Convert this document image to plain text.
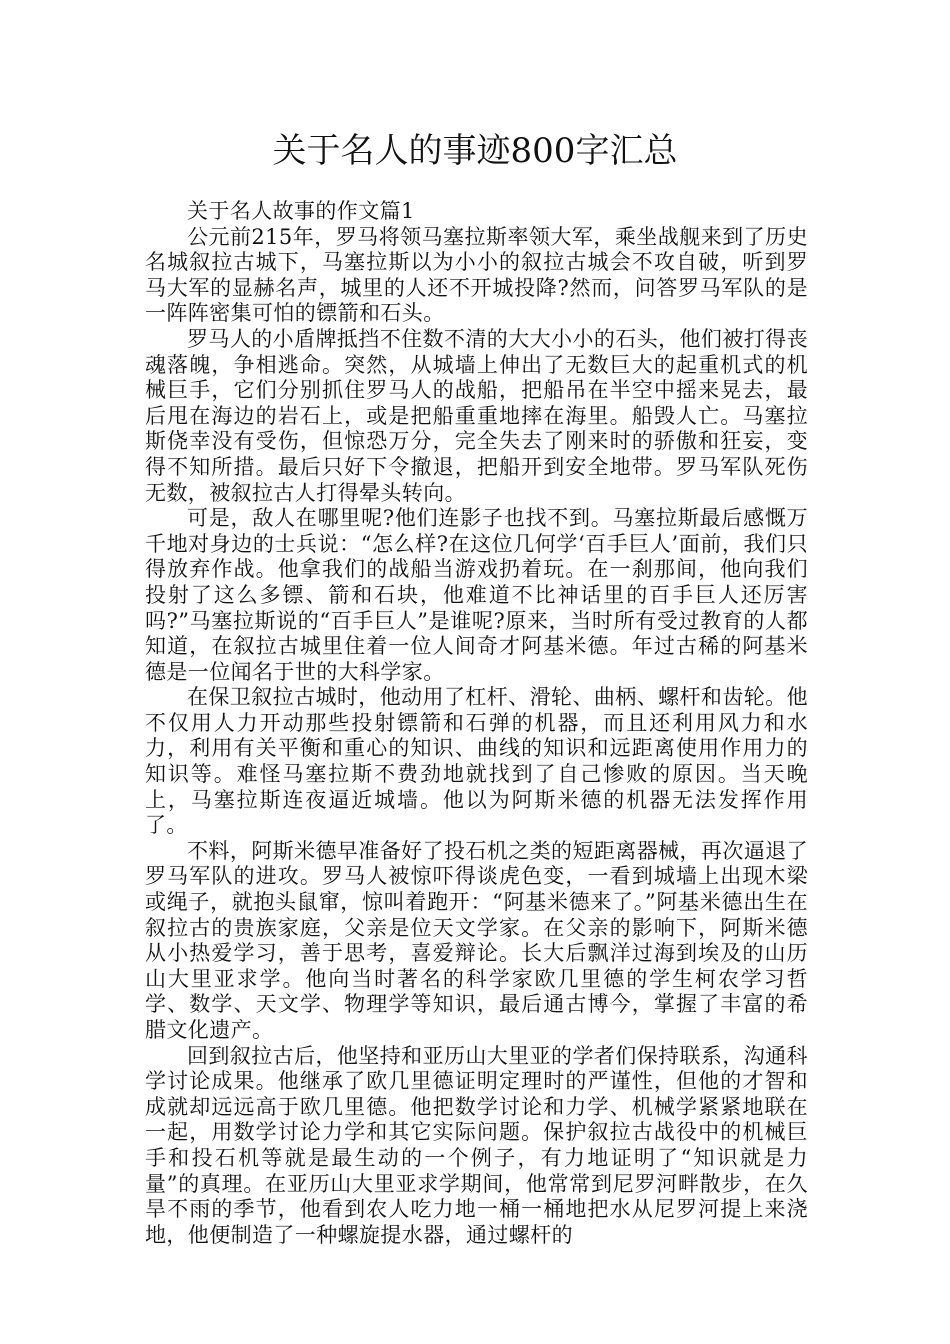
关于名人的事迹800字汇总

关于名人故事的作文篇1

公元前215年，罗马将领马塞拉斯率领大军，乘坐战舰来到了历史名城叙拉古城下，马塞拉斯以为小小的叙拉古城会不攻自破，听到罗马大军的显赫名声，城里的人还不开城投降?然而，问答罗马军队的是一阵阵密集可怕的镖箭和石头。

罗马人的小盾牌抵挡不住数不清的大大小小的石头，他们被打得丧魂落魄，争相逃命。突然，从城墙上伸出了无数巨大的起重机式的机械巨手，它们分别抓住罗马人的战船，把船吊在半空中摇来晃去，最后甩在海边的岩石上，或是把船重重地摔在海里。船毁人亡。马塞拉斯侥幸没有受伤，但惊恐万分，完全失去了刚来时的骄傲和狂妄，变得不知所措。最后只好下令撤退，把船开到安全地带。罗马军队死伤无数，被叙拉古人打得晕头转向。

可是，敌人在哪里呢?他们连影子也找不到。马塞拉斯最后感慨万千地对身边的士兵说：“怎么样?在这位几何学‘百手巨人’面前，我们只得放弃作战。他拿我们的战船当游戏扔着玩。在一刹那间，他向我们投射了这么多镖、箭和石块，他难道不比神话里的百手巨人还厉害吗?”马塞拉斯说的“百手巨人”是谁呢?原来，当时所有受过教育的人都知道，在叙拉古城里住着一位人间奇才阿基米德。年过古稀的阿基米德是一位闻名于世的大科学家。

在保卫叙拉古城时，他动用了杠杆、滑轮、曲柄、螺杆和齿轮。他不仅用人力开动那些投射镖箭和石弹的机器，而且还利用风力和水力，利用有关平衡和重心的知识、曲线的知识和远距离使用作用力的知识等。难怪马塞拉斯不费劲地就找到了自己惨败的原因。当天晚上，马塞拉斯连夜逼近城墙。他以为阿斯米德的机器无法发挥作用了。

不料，阿斯米德早准备好了投石机之类的短距离器械，再次逼退了罗马军队的进攻。罗马人被惊吓得谈虎色变，一看到城墙上出现木梁或绳子，就抱头鼠窜，惊叫着跑开：“阿基米德来了。”阿基米德出生在叙拉古的贵族家庭，父亲是位天文学家。在父亲的影响下，阿斯米德从小热爱学习，善于思考，喜爱辩论。长大后飘洋过海到埃及的山历山大里亚求学。他向当时著名的科学家欧几里德的学生柯农学习哲学、数学、天文学、物理学等知识，最后通古博今，掌握了丰富的希腊文化遗产。

回到叙拉古后，他坚持和亚历山大里亚的学者们保持联系，沟通科学讨论成果。他继承了欧几里德证明定理时的严谨性，但他的才智和成就却远远高于欧几里德。他把数学讨论和力学、机械学紧紧地联在一起，用数学讨论力学和其它实际问题。保护叙拉古战役中的机械巨手和投石机等就是最生动的一个例子，有力地证明了“知识就是力量”的真理。在亚历山大里亚求学期间，他常常到尼罗河畔散步，在久旱不雨的季节，他看到农人吃力地一桶一桶地把水从尼罗河提上来浇地，他便制造了一种螺旋提水器，通过螺杆的
